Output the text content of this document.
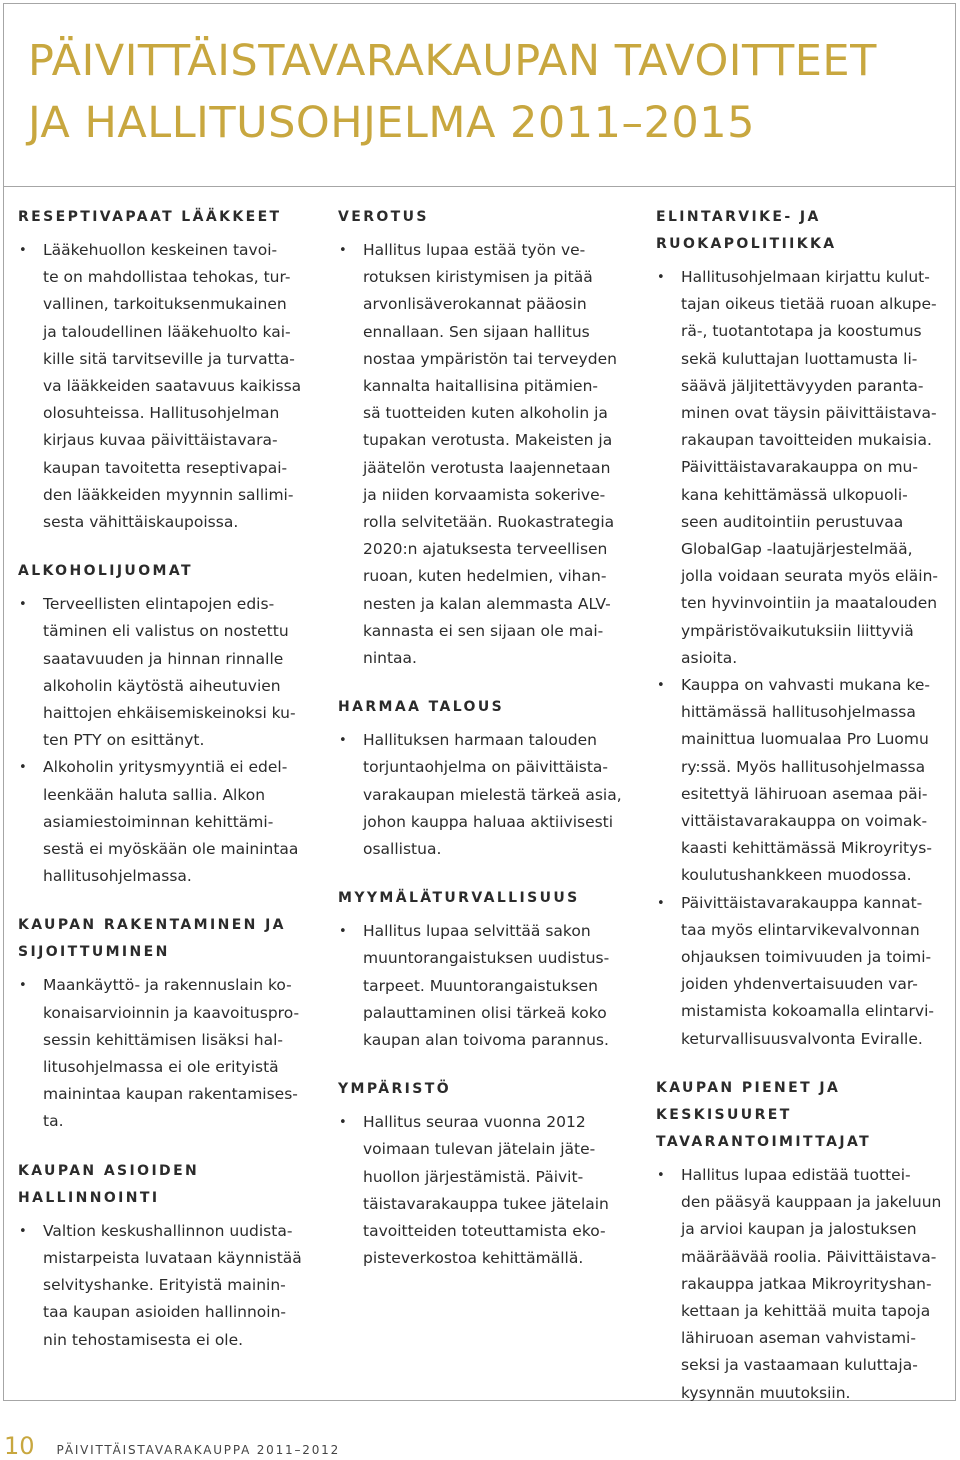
PÄIVITTÄISTAVARAKAUPAN TAVOITTEET
JA HALLITUSOHJELMA 2011–2015
RESEPTIVAPAAT LÄÄKKEET
• Lääkehuollon keskeinen tavoi-
te on mahdollistaa tehokas, tur-
vallinen, tarkoituksenmukainen
ja taloudellinen lääkehuolto kai-
kille sitä tarvitseville ja turvatta-
va lääkkeiden saatavuus kaikissa
olosuhteissa. Hallitusohjelman
kirjaus kuvaa päivittäistavara-
kaupan tavoitetta reseptivapai-
den lääkkeiden myynnin sallimi-
sesta vähittäiskaupoissa.
ALKOHOLIJUOMAT
• Terveellisten elintapojen edis-
täminen eli valistus on nostettu
saatavuuden ja hinnan rinnalle
alkoholin käytöstä aiheutuvien
haittojen ehkäisemiskeinoksi ku-
ten PTY on esittänyt.
• Alkoholin yritysmyyntiä ei edel-
leenkään haluta sallia. Alkon
asiamiestoiminnan kehittämi-
sestä ei myöskään ole mainintaa
hallitusohjelmassa.
KAUPAN RAKENTAMINEN JA
SIJOITTUMINEN
• Maankäyttö- ja rakennuslain ko-
konaisarvioinnin ja kaavoituspro-
sessin kehittämisen lisäksi hal-
litusohjelmassa ei ole erityistä
mainintaa kaupan rakentamises-
ta.
KAUPAN ASIOIDEN
HALLINNOINTI
• Valtion keskushallinnon uudista-
mistarpeista luvataan käynnistää
selvityshanke. Erityistä mainin-
taa kaupan asioiden hallinnoin-
nin tehostamisesta ei ole.
VEROTUS
• Hallitus lupaa estää työn ve-
rotuksen kiristymisen ja pitää
arvonlisäverokannat pääosin
ennallaan. Sen sijaan hallitus
nostaa ympäristön tai terveyden
kannalta haitallisina pitämien-
sä tuotteiden kuten alkoholin ja
tupakan verotusta. Makeisten ja
jäätelön verotusta laajennetaan
ja niiden korvaamista sokerive-
rolla selvitetään. Ruokastrategia
2020:n ajatuksesta terveellisen
ruoan, kuten hedelmien, vihan-
nesten ja kalan alemmasta ALV-
kannasta ei sen sijaan ole mai-
nintaa.
HARMAA TALOUS
• Hallituksen harmaan talouden
torjuntaohjelma on päivittäista-
varakaupan mielestä tärkeä asia,
johon kauppa haluaa aktiivisesti
osallistua.
MYYMÄLÄTURVALLISUUS
• Hallitus lupaa selvittää sakon
muuntorangaistuksen uudistus-
tarpeet. Muuntorangaistuksen
palauttaminen olisi tärkeä koko
kaupan alan toivoma parannus.
YMPÄRISTÖ
• Hallitus seuraa vuonna 2012
voimaan tulevan jätelain jäte-
huollon järjestämistä. Päivit-
täistavarakauppa tukee jätelain
tavoitteiden toteuttamista eko-
pisteverkostoa kehittämällä.
ELINTARVIKE- JA
RUOKAPOLITIIKKA
• Hallitusohjelmaan kirjattu kulut-
tajan oikeus tietää ruoan alkupe-
rä-, tuotantotapa ja koostumus
sekä kuluttajan luottamusta li-
säävä jäljitettävyyden paranta-
minen ovat täysin päivittäistava-
rakaupan tavoitteiden mukaisia.
Päivittäistavarakauppa on mu-
kana kehittämässä ulkopuoli-
seen auditointiin perustuvaa
GlobalGap -laatujärjestelmää,
jolla voidaan seurata myös eläin-
ten hyvinvointiin ja maatalouden
ympäristövaikutuksiin liittyviä
asioita.
• Kauppa on vahvasti mukana ke-
hittämässä hallitusohjelmassa
mainittua luomualaa Pro Luomu
ry:ssä. Myös hallitusohjelmassa
esitettyä lähiruoan asemaa päi-
vittäistavarakauppa on voimak-
kaasti kehittämässä Mikroyritys-
koulutushankkeen muodossa.
• Päivittäistavarakauppa kannat-
taa myös elintarvikevalvonnan
ohjauksen toimivuuden ja toimi-
joiden yhdenvertaisuuden var-
mistamista kokoamalla elintarvi-
keturvallisuusvalvonta Eviralle.
KAUPAN PIENET JA KESKISUURET
TAVARANTOIMITTAJAT
• Hallitus lupaa edistää tuottei-
den pääsyä kauppaan ja jakeluun
ja arvioi kaupan ja jalostuksen
määräävää roolia. Päivittäistava-
rakauppa jatkaa Mikroyrityshan-
kettaan ja kehittää muita tapoja
lähiruoan aseman vahvistami-
seksi ja vastaamaan kuluttaja-
kysynnän muutoksiin.
10 PÄIVITTÄISTAVARAKAUPPA 2011–2012
